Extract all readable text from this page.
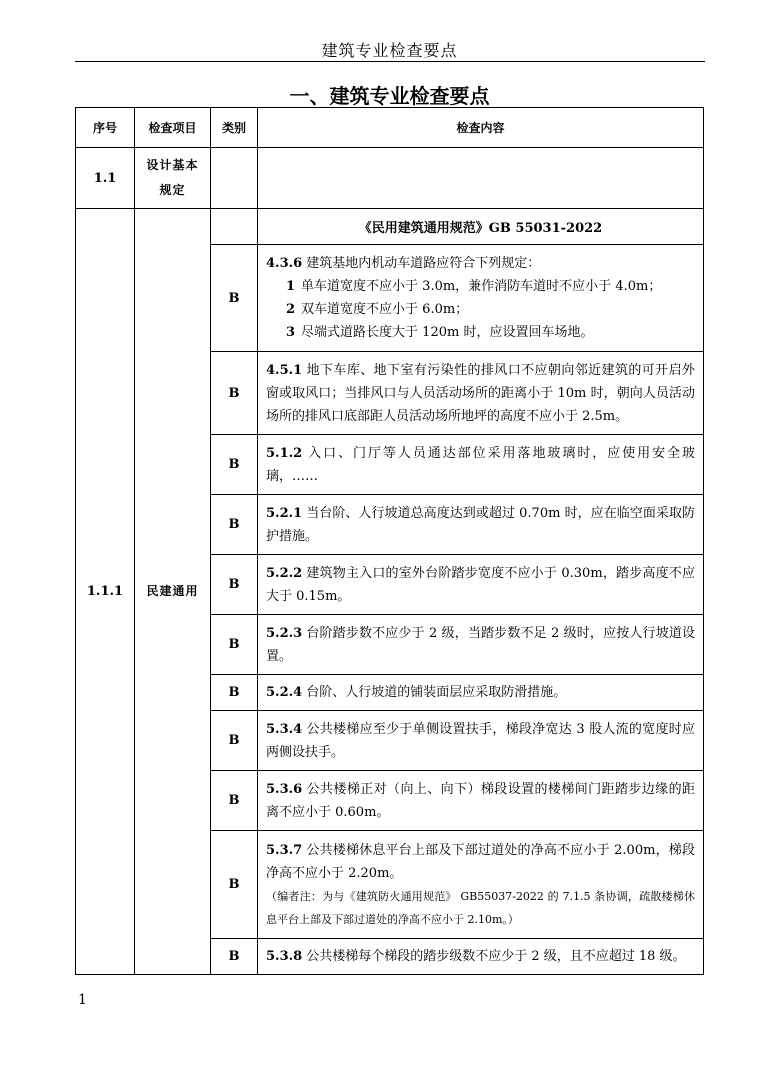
建筑专业检查要点
一、建筑专业检查要点
序号	检查项目	类别	检查内容
1.1	设计基本规定		

1.1.1	民建通用		《民用建筑通用规范》GB 55031-2022
		B	4.3.6 建筑基地内机动车道路应符合下列规定：
1 单车道宽度不应小于 3.0m，兼作消防车道时不应小于 4.0m；
2 双车道宽度不应小于 6.0m；
3 尽端式道路长度大于 120m 时，应设置回车场地。

		B	4.5.1 地下车库、地下室有污染性的排风口不应朝向邻近建筑的可开启外窗或取风口；当排风口与人员活动场所的距离小于 10m 时，朝向人员活动场所的排风口底部距人员活动场所地坪的高度不应小于 2.5m。
		B	5.1.2 入口、门厅等人员通达部位采用落地玻璃时，应使用安全玻璃，……
		B	5.2.1 当台阶、人行坡道总高度达到或超过 0.70m 时，应在临空面采取防护措施。
		B	5.2.2 建筑物主入口的室外台阶踏步宽度不应小于 0.30m，踏步高度不应大于 0.15m。
		B	5.2.3 台阶踏步数不应少于 2 级，当踏步数不足 2 级时，应按人行坡道设置。
		B	5.2.4 台阶、人行坡道的铺装面层应采取防滑措施。
		B	5.3.4 公共楼梯应至少于单侧设置扶手，梯段净宽达 3 股人流的宽度时应两侧设扶手。
		B	5.3.6 公共楼梯正对（向上、向下）梯段设置的楼梯间门距踏步边缘的距离不应小于 0.60m。
		B	5.3.7 公共楼梯休息平台上部及下部过道处的净高不应小于 2.00m，梯段净高不应小于 2.20m。
（编者注：为与《建筑防火通用规范》 GB55037-2022 的 7.1.5 条协调，疏散楼梯休息平台上部及下部过道处的净高不应小于 2.10m。）

		B	5.3.8 公共楼梯每个梯段的踏步级数不应少于 2 级，且不应超过 18 级。
1
